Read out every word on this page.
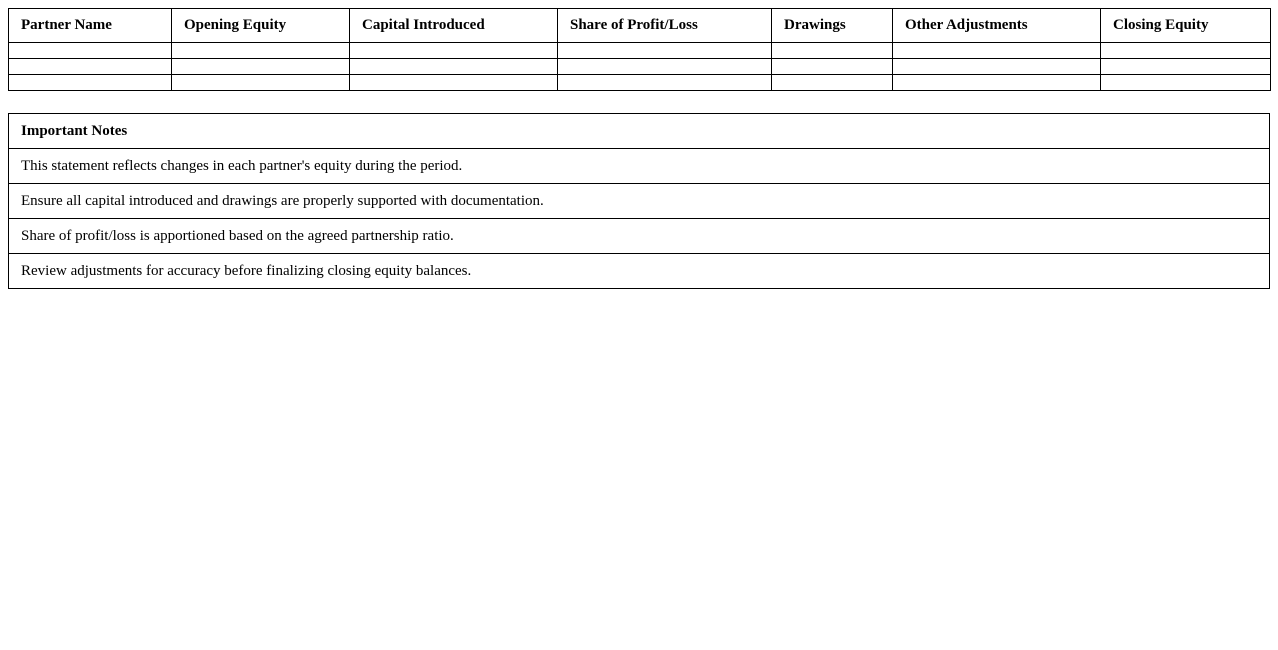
Partner Name	Opening Equity	Capital Introduced	Share of Profit/Loss	Drawings	Other Adjustments	Closing Equity

Important Notes
This statement reflects changes in each partner's equity during the period.
Ensure all capital introduced and drawings are properly supported with documentation.
Share of profit/loss is apportioned based on the agreed partnership ratio.
Review adjustments for accuracy before finalizing closing equity balances.
